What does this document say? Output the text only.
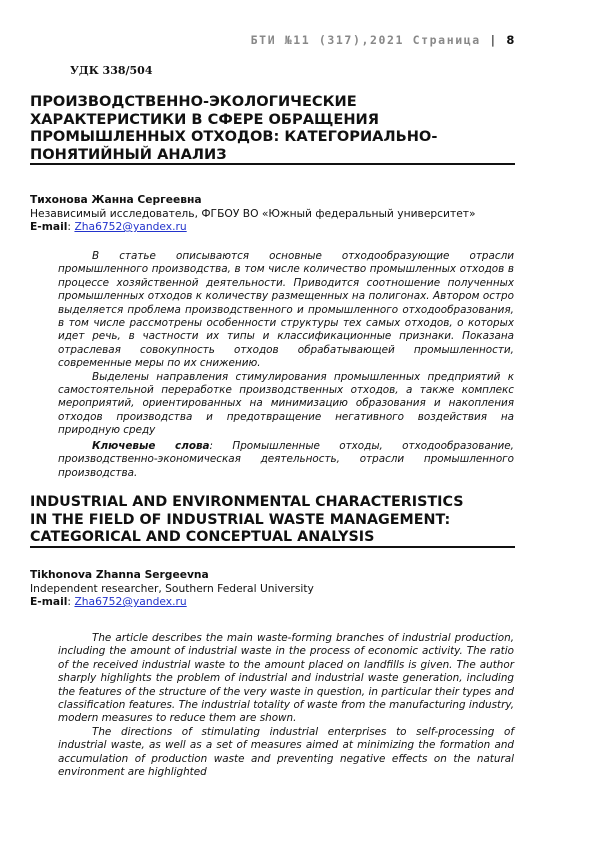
БТИ №11 (317),2021 Страница | 8
УДК 338/504
ПРОИЗВОДСТВЕННО-ЭКОЛОГИЧЕСКИЕ
ХАРАКТЕРИСТИКИ В СФЕРЕ ОБРАЩЕНИЯ
ПРОМЫШЛЕННЫХ ОТХОДОВ: КАТЕГОРИАЛЬНО-
ПОНЯТИЙНЫЙ АНАЛИЗ
Тихонова Жанна Сергеевна
Независимый исследователь, ФГБОУ ВО «Южный федеральный университет»
E-mail: Zha6752@yandex.ru

В статье описываются основные отходообразующие отрасли промышленного производства, в том числе количество промышленных отходов в процессе хозяйственной деятельности. Приводится соотношение полученных промышленных отходов к количеству размещенных на полигонах. Автором остро выделяется проблема производственного и промышленного отходообразования, в том числе рассмотрены особенности структуры тех самых отходов, о которых идет речь, в частности их типы и классификационные признаки. Показана отраслевая совокупность отходов обрабатывающей промышленности, современные меры по их снижению.

Выделены направления стимулирования промышленных предприятий к самостоятельной переработке производственных отходов, а также комплекс мероприятий, ориентированных на минимизацию образования и накопления отходов производства и предотвращение негативного воздействия на природную среду

Ключевые слова: Промышленные отходы, отходообразование, производственно-экономическая деятельность, отрасли промышленного производства.
INDUSTRIAL AND ENVIRONMENTAL CHARACTERISTICS
IN THE FIELD OF INDUSTRIAL WASTE MANAGEMENT:
CATEGORICAL AND CONCEPTUAL ANALYSIS
Tikhonova Zhanna Sergeevna
Independent researcher, Southern Federal University
E-mail: Zha6752@yandex.ru

The article describes the main waste-forming branches of industrial production, including the amount of industrial waste in the process of economic activity. The ratio of the received industrial waste to the amount placed on landfills is given. The author sharply highlights the problem of industrial and industrial waste generation, including the features of the structure of the very waste in question, in particular their types and classification features. The industrial totality of waste from the manufacturing industry, modern measures to reduce them are shown.

The directions of stimulating industrial enterprises to self-processing of industrial waste, as well as a set of measures aimed at minimizing the formation and accumulation of production waste and preventing negative effects on the natural environment are highlighted
